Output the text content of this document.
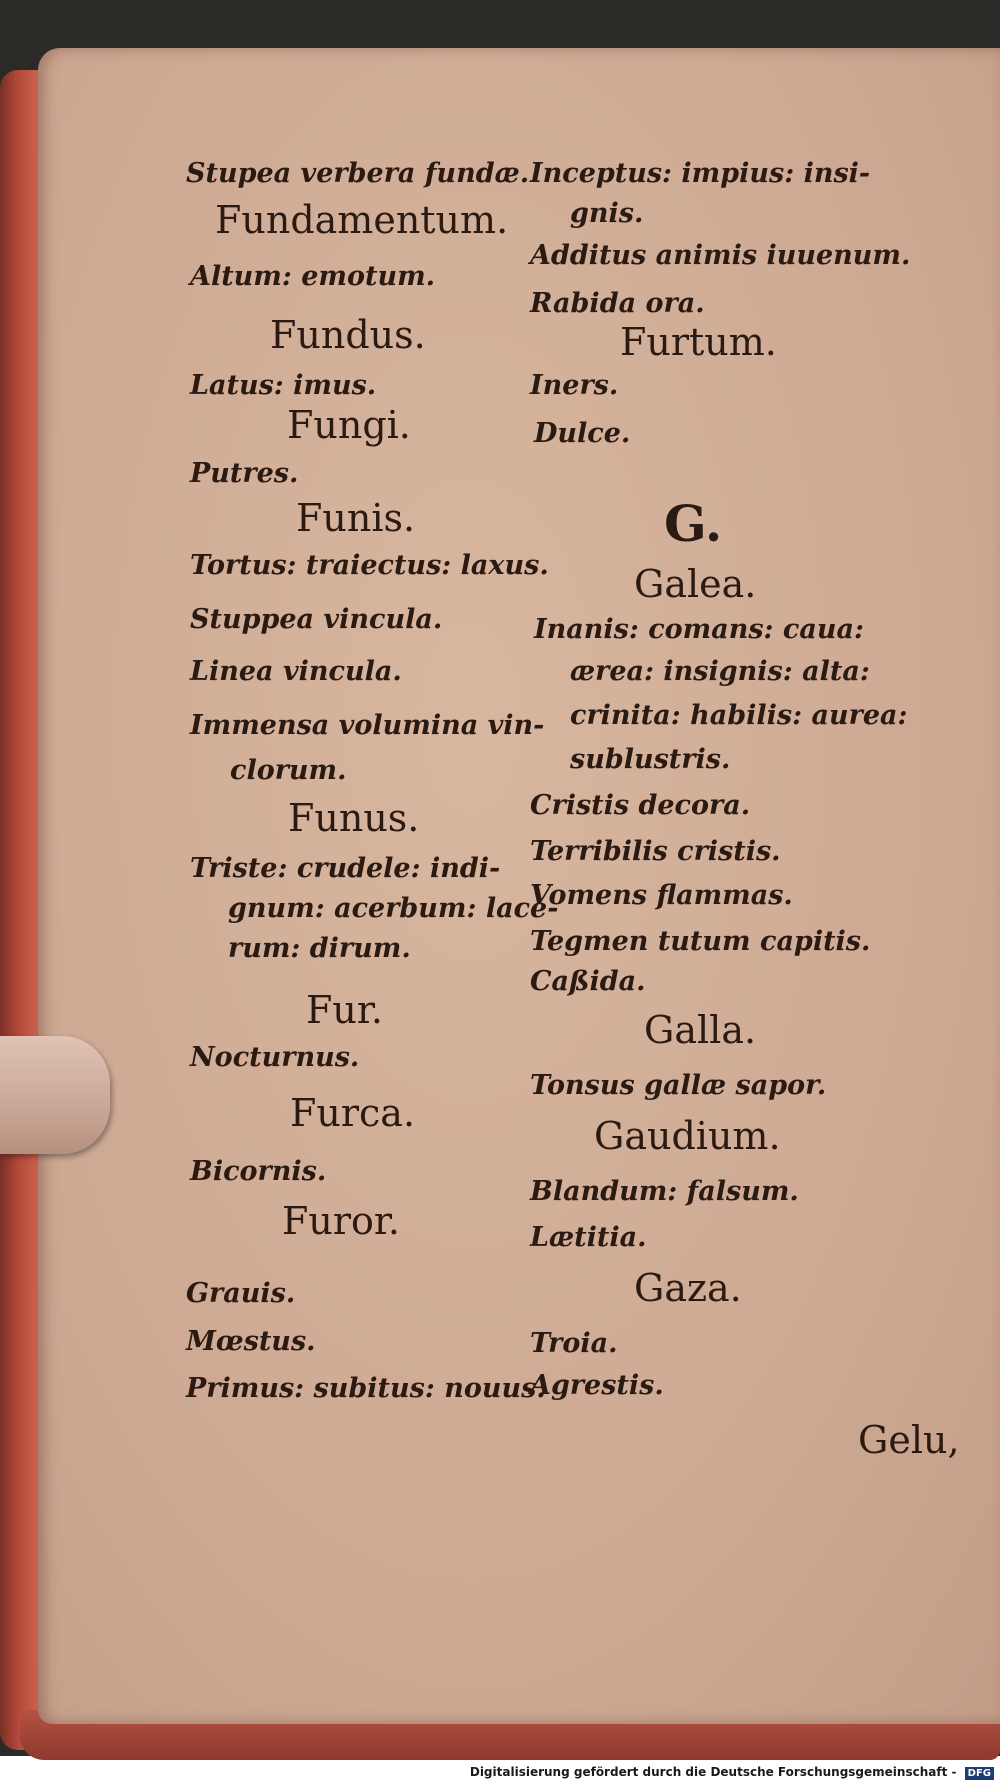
Stupea verbera fundæ.
Fundamentum.
Altum: emotum.
Fundus.
Latus: imus.
Fungi.
Putres.
Funis.
Tortus: traiectus: laxus.
Stuppea vincula.
Linea vincula.
Immensa volumina vin-
clorum.
Funus.
Triste: crudele: indi-
gnum: acerbum: lace-
rum: dirum.
Fur.
Nocturnus.
Furca.
Bicornis.
Furor.
Grauis.
Mœstus.
Primus: subitus: nouus.
Inceptus: impius: insi-
gnis.
Additus animis iuuenum.
Rabida ora.
Furtum.
Iners.
Dulce.
G.
Galea.
Inanis: comans: caua:
ærea: insignis: alta:
crinita: habilis: aurea:
sublustris.
Cristis decora.
Terribilis cristis.
Vomens flammas.
Tegmen tutum capitis.
Caßida.
Galla.
Tonsus gallæ sapor.
Gaudium.
Blandum: falsum.
Lætitia.
Gaza.
Troia.
Agrestis.
Gelu,
Digitalisierung gefördert durch die Deutsche Forschungsgemeinschaft - DFG
